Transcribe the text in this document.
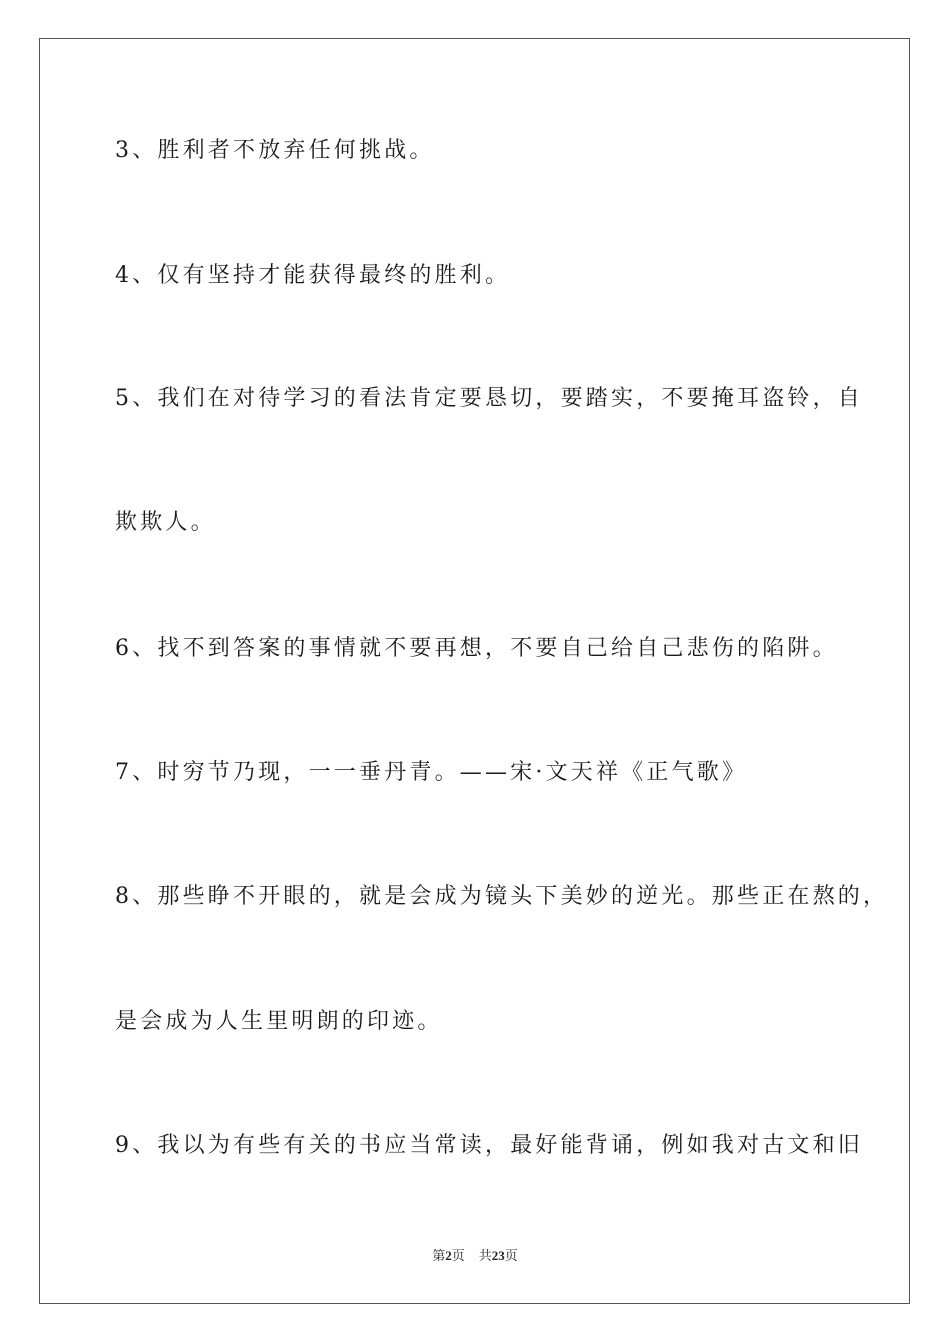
3、胜利者不放弃任何挑战。
4、仅有坚持才能获得最终的胜利。
5、我们在对待学习的看法肯定要恳切，要踏实，不要掩耳盗铃，自
欺欺人。
6、找不到答案的事情就不要再想，不要自己给自己悲伤的陷阱。
7、时穷节乃现，一一垂丹青。——宋·文天祥《正气歌》
8、那些睁不开眼的，就是会成为镜头下美妙的逆光。那些正在熬的，
是会成为人生里明朗的印迹。
9、我以为有些有关的书应当常读，最好能背诵，例如我对古文和旧
第2页 共23页
